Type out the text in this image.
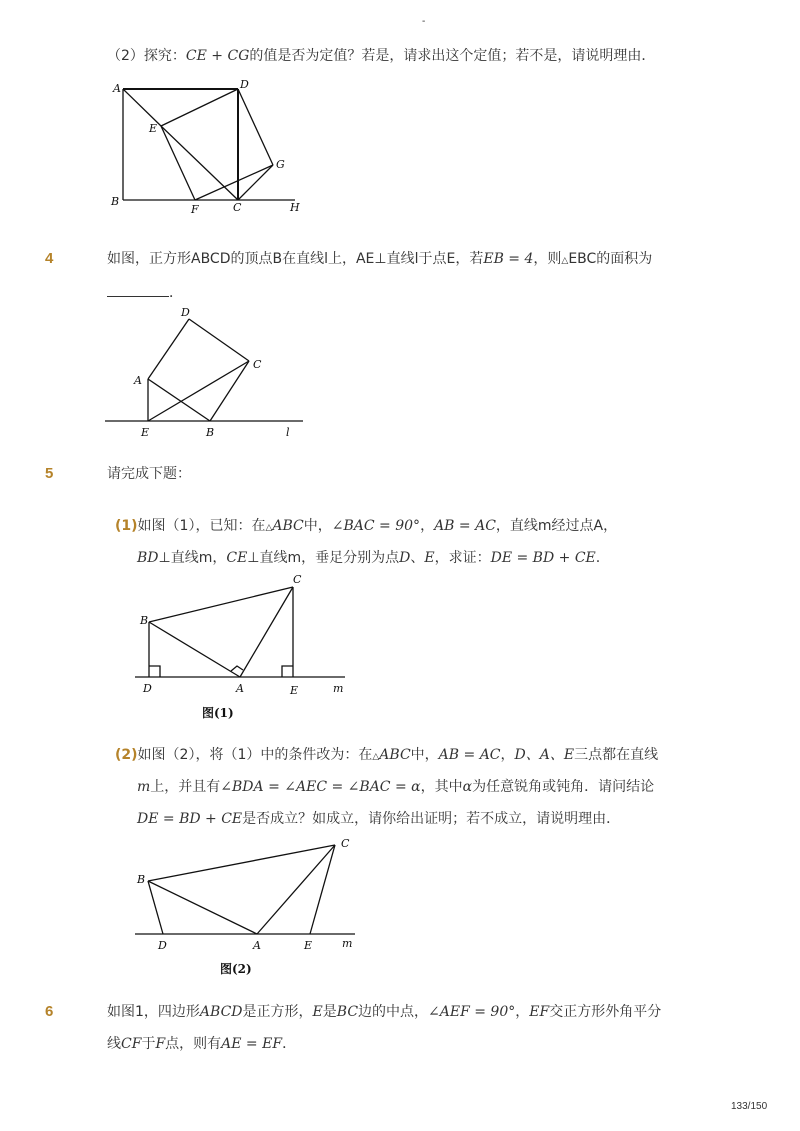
-
（2）探究：CE + CG的值是否为定值？若是，请求出这个定值；若不是，请说明理由．
A	D
E
G
B
F	C	H
4	如图，正方形ABCD的顶点B在直线l上，AE⊥直线l于点E，若EB = 4，则△EBC的面积为
．
D
A
C
E	B	l
5	请完成下题：
(1)如图（1），已知：在△ABC中，∠BAC = 90°，AB = AC，直线m经过点A，
BD⊥直线m，CE⊥直线m，垂足分别为点D、E，求证：DE = BD + CE.
B
C
D	A	E	m
图(1)
(2)如图（2），将（1）中的条件改为：在△ABC中，AB = AC，D、A、E三点都在直线
m上，并且有∠BDA = ∠AEC = ∠BAC = α，其中α为任意锐角或钝角．请问结论
DE = BD + CE是否成立？如成立，请你给出证明；若不成立，请说明理由．
B
C
D	A	E	m
图(2)
6	如图1，四边形ABCD是正方形，E是BC边的中点，∠AEF = 90°，EF交正方形外角平分
线CF于F点，则有AE = EF．
133/150
